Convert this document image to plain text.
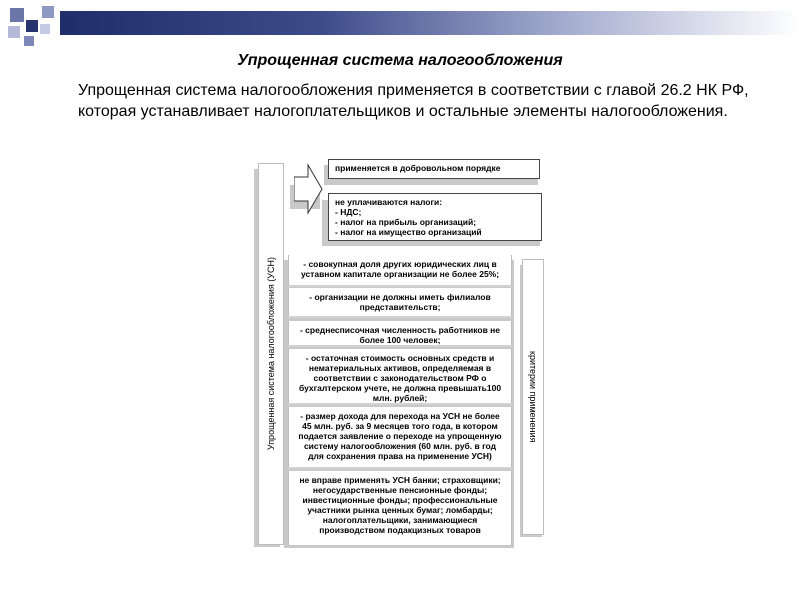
Упрощенная система налогообложения
Упрощенная система налогообложения применяется в соответствии с главой 26.2 НК РФ, которая устанавливает налогоплательщиков и остальные элементы налогообложения.
Упрощенная система налогообложения (УСН)
применяется в добровольном порядке
не уплачиваются налоги:
- НДС;
- налог на прибыль организаций;
- налог на имущество организаций
- совокупная доля других юридических лиц в уставном капитале организации не более 25%;
- организации не должны иметь филиалов представительств;
- среднесписочная численность работников не более 100 человек;
- остаточная стоимость основных средств и нематериальных активов, определяемая в соответствии с законодательством РФ о бухгалтерском учете, не должна превышать100 млн. рублей;
- размер дохода для перехода на УСН не более 45 млн. руб. за 9 месяцев того года, в котором подается заявление о переходе на упрощенную систему налогообложения (60 млн. руб. в год для сохранения права на применение УСН)
не вправе применять УСН банки; страховщики; негосударственные пенсионные фонды; инвестиционные фонды; профессиональные участники рынка ценных бумаг; ломбарды; налогоплательщики, занимающиеся производством подакцизных товаров
критерии применения
